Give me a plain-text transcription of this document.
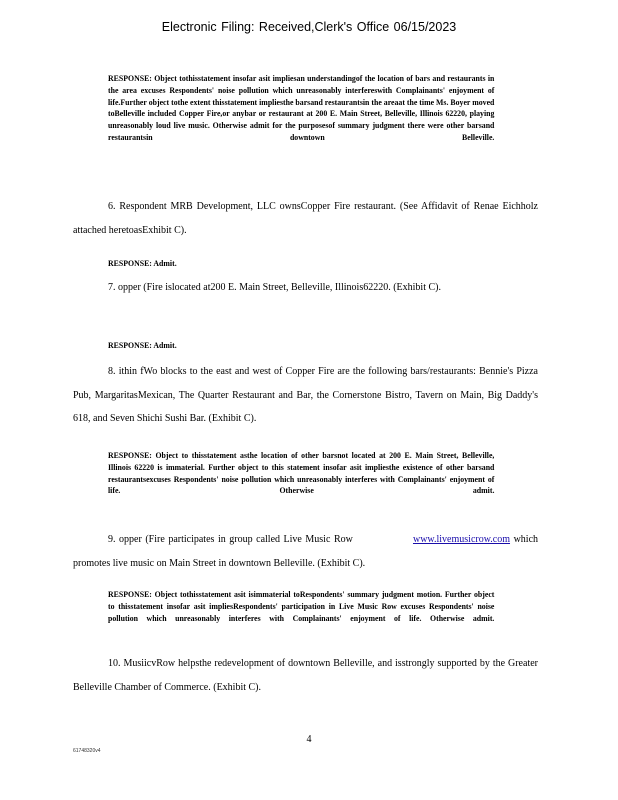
Electronic Filing: Received,Clerk's Office 06/15/2023
RESPONSE: Object tothisstatement insofar asit impliesan understandingof the location of bars and restaurants in the area excuses Respondents' noise pollution which unreasonably interfereswith Complainants' enjoyment of life.Further object tothe extent thisstatement impliesthe barsand restaurantsin the areaat the time Ms. Boyer moved toBelleville included Copper Fire,or anybar or restaurant at 200 E. Main Street, Belleville, Illinois 62220, playing unreasonably loud live music. Otherwise admit for the purposesof summary judgment there were other barsand restaurantsin downtown Belleville.
6. Respondent MRB Development, LLC ownsCopper Fire restaurant. (See Affidavit of Renae Eichholz attached heretoasExhibit C).
RESPONSE: Admit.
7. opper (Fire islocated at200 E. Main Street, Belleville, Illinois62220. (Exhibit C).
RESPONSE: Admit.
8. ithin fWo blocks to the east and west of Copper Fire are the following bars/restaurants: Bennie's Pizza Pub, MargaritasMexican, The Quarter Restaurant and Bar, the Cornerstone Bistro, Tavern on Main, Big Daddy's 618, and Seven Shichi Sushi Bar. (Exhibit C).
RESPONSE: Object to thisstatement asthe location of other barsnot located at 200 E. Main Street, Belleville, Illinois 62220 is immaterial. Further object to this statement insofar asit impliesthe existence of other barsand restaurantsexcuses Respondents' noise pollution which unreasonably interferes with Complainants' enjoyment of life. Otherwise admit.
9. opper (Fire participates in group called Live Music Row	www.livemusicrow.com which promotes live music on Main Street in downtown Belleville. (Exhibit C).
RESPONSE: Object tothisstatement asit isimmaterial toRespondents' summary judgment motion. Further object to thisstatement insofar asit impliesRespondents' participation in Live Music Row excuses Respondents' noise pollution which unreasonably interferes with Complainants' enjoyment of life. Otherwise admit.
10. MusiicvRow helpsthe redevelopment of downtown Belleville, and isstrongly supported by the Greater Belleville Chamber of Commerce. (Exhibit C).
4
61748320v4
